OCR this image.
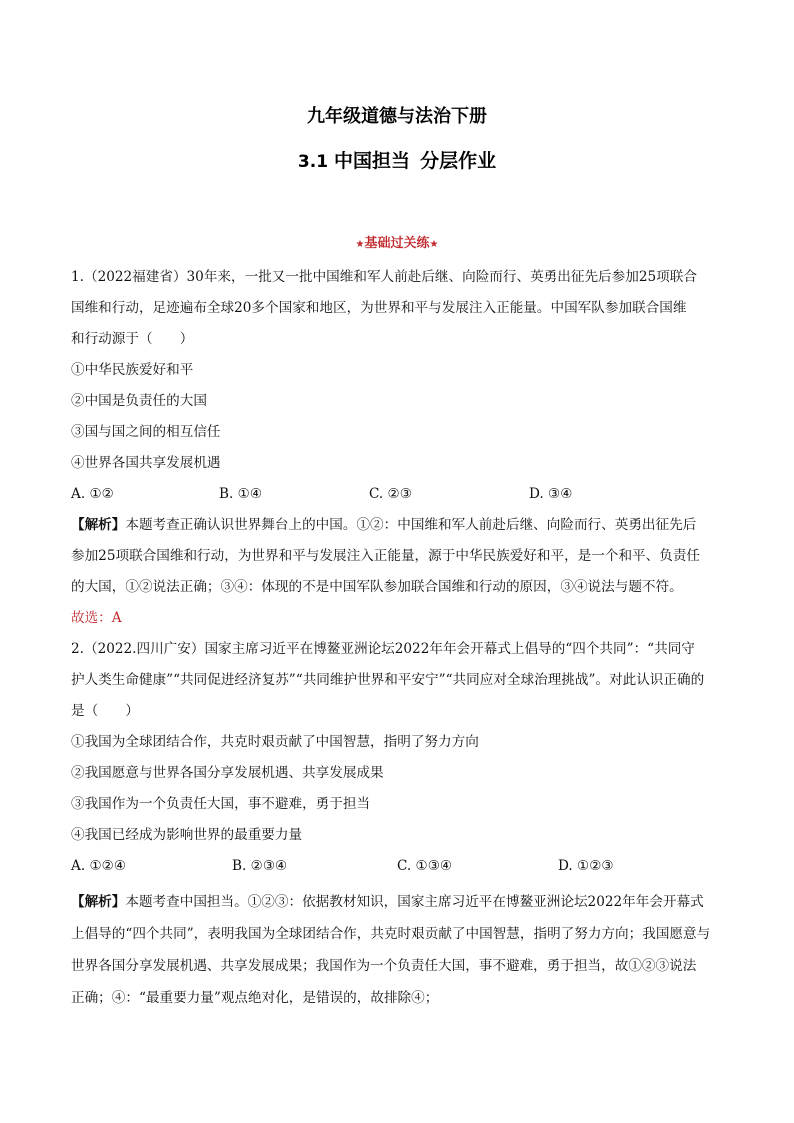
九年级道德与法治下册
3.1 中国担当 分层作业
★基础过关练★
1.（2022福建省）30年来，一批又一批中国维和军人前赴后继、向险而行、英勇出征先后参加25项联合
国维和行动，足迹遍布全球20多个国家和地区，为世界和平与发展注入正能量。中国军队参加联合国维
和行动源于（　　）
①中华民族爱好和平
②中国是负责任的大国
③国与国之间的相互信任
④世界各国共享发展机遇
A. ①②	B. ①④	C. ②③	D. ③④
【解析】本题考查正确认识世界舞台上的中国。①②：中国维和军人前赴后继、向险而行、英勇出征先后
参加25项联合国维和行动，为世界和平与发展注入正能量，源于中华民族爱好和平，是一个和平、负责任
的大国，①②说法正确；③④：体现的不是中国军队参加联合国维和行动的原因，③④说法与题不符。
故选：A
2.（2022.四川广安）国家主席习近平在博鳌亚洲论坛2022年年会开幕式上倡导的“四个共同”：“共同守
护人类生命健康”“共同促进经济复苏”“共同维护世界和平安宁”“共同应对全球治理挑战”。对此认识正确的
是（　　）
①我国为全球团结合作，共克时艰贡献了中国智慧，指明了努力方向
②我国愿意与世界各国分享发展机遇、共享发展成果
③我国作为一个负责任大国，事不避难，勇于担当
④我国已经成为影响世界的最重要力量
A. ①②④	B. ②③④	C. ①③④	D. ①②③
【解析】本题考查中国担当。①②③：依据教材知识，国家主席习近平在博鳌亚洲论坛2022年年会开幕式
上倡导的“四个共同”，表明我国为全球团结合作，共克时艰贡献了中国智慧，指明了努力方向；我国愿意与
世界各国分享发展机遇、共享发展成果；我国作为一个负责任大国，事不避难，勇于担当，故①②③说法
正确；④：“最重要力量”观点绝对化，是错误的，故排除④；
